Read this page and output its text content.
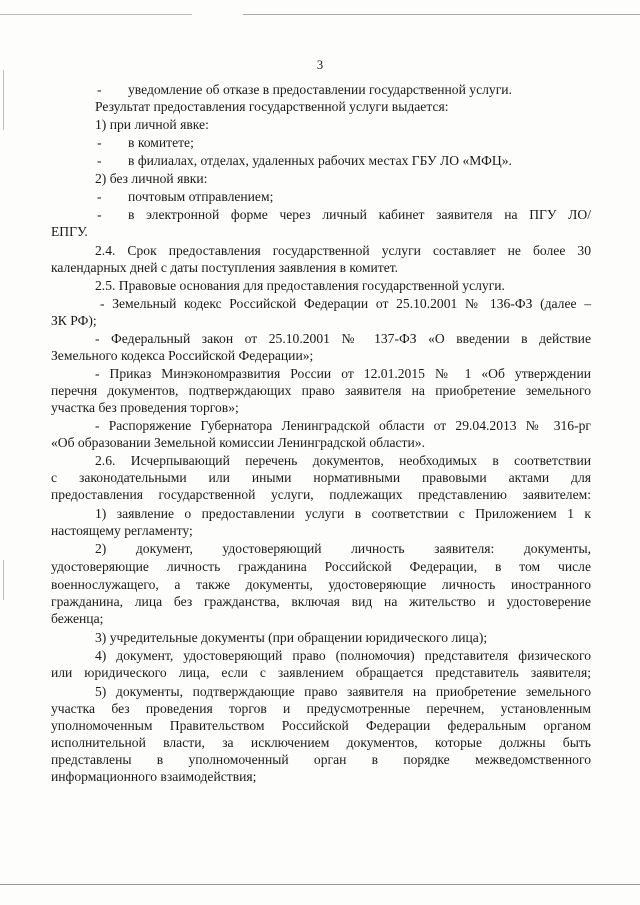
3
-
-
-
-
-
уведомление об отказе в предоставлении государственной услуги.
Результат предоставления государственной услуги выдается:
1) при личной явке:
в комитете;
в филиалах, отделах, удаленных рабочих местах ГБУ ЛО «МФЦ».
2) без личной явки:
почтовым отправлением;
в электронной форме через личный кабинет заявителя на ПГУ ЛО/
ЕПГУ.
2.4. Срок предоставления государственной услуги составляет не более 30
календарных дней с даты поступления заявления в комитет.
2.5. Правовые основания для предоставления государственной услуги.
- Земельный кодекс Российской Федерации от 25.10.2001 № 136-ФЗ (далее –
ЗК РФ);
- Федеральный закон от 25.10.2001 № 137-ФЗ «О введении в действие
Земельного кодекса Российской Федерации»;
- Приказ Минэкономразвития России от 12.01.2015 № 1 «Об утверждении
перечня документов, подтверждающих право заявителя на приобретение земельного
участка без проведения торгов»;
- Распоряжение Губернатора Ленинградской области от 29.04.2013 № 316-рг
«Об образовании Земельной комиссии Ленинградской области».
2.6. Исчерпывающий перечень документов, необходимых в соответствии
с законодательными или иными нормативными правовыми актами для
предоставления государственной услуги, подлежащих представлению заявителем:
1) заявление о предоставлении услуги в соответствии с Приложением 1 к
настоящему регламенту;
2) документ, удостоверяющий личность заявителя: документы,
удостоверяющие личность гражданина Российской Федерации, в том числе
военнослужащего, а также документы, удостоверяющие личность иностранного
гражданина, лица без гражданства, включая вид на жительство и удостоверение
беженца;
3) учредительные документы (при обращении юридического лица);
4) документ, удостоверяющий право (полномочия) представителя физического
или юридического лица, если с заявлением обращается представитель заявителя;
5) документы, подтверждающие право заявителя на приобретение земельного
участка без проведения торгов и предусмотренные перечнем, установленным
уполномоченным Правительством Российской Федерации федеральным органом
исполнительной власти, за исключением документов, которые должны быть
представлены в уполномоченный орган в порядке межведомственного
информационного взаимодействия;
